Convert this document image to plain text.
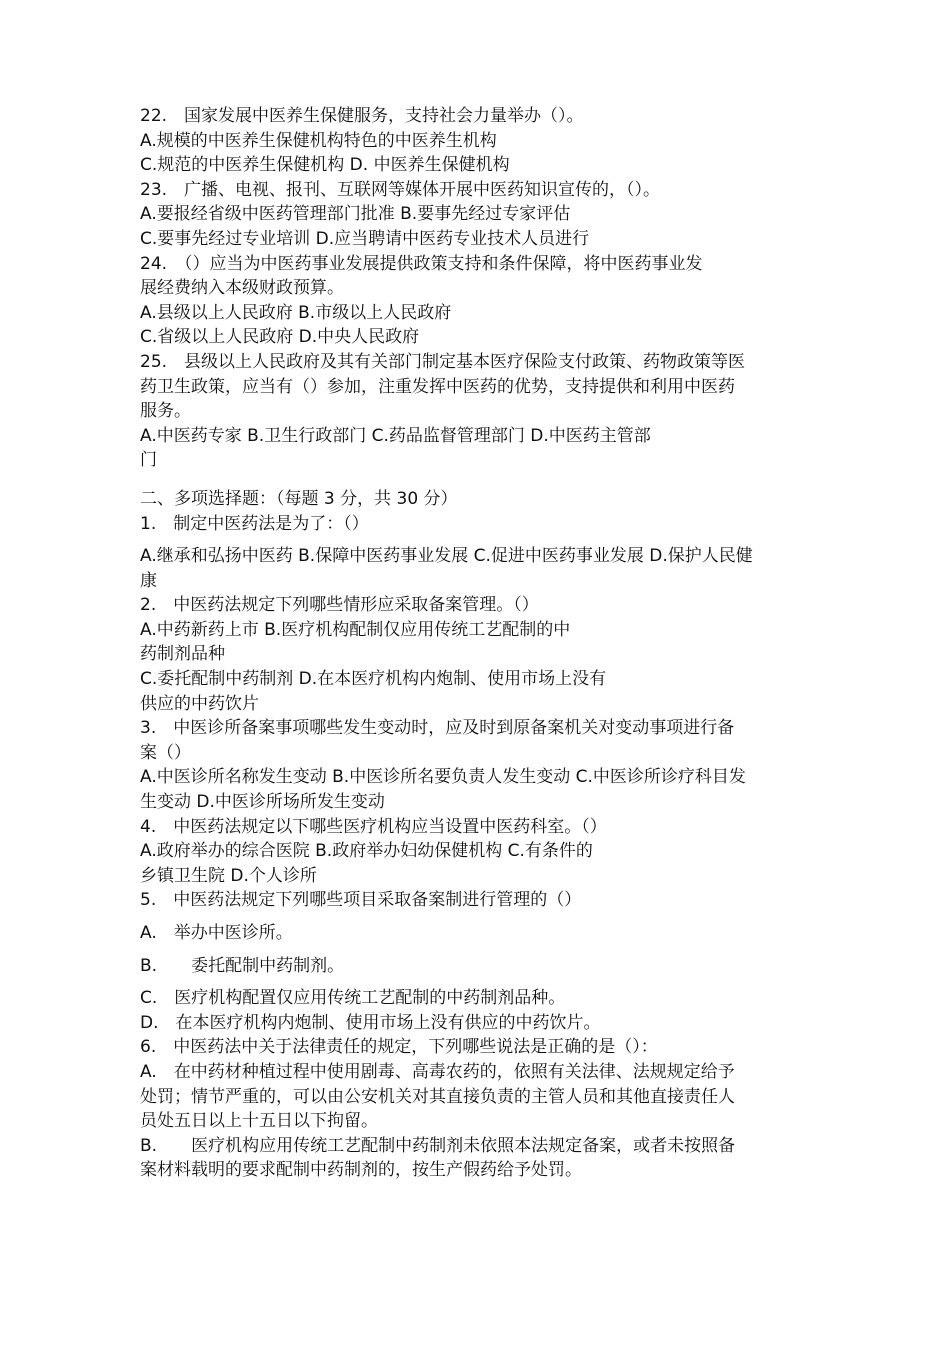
22.　国家发展中医养生保健服务，支持社会力量举办（）。
A.规模的中医养生保健机构特色的中医养生机构
C.规范的中医养生保健机构 D. 中医养生保健机构
23.　广播、电视、报刊、互联网等媒体开展中医药知识宣传的，（）。
A.要报经省级中医药管理部门批准 B.要事先经过专家评估
C.要事先经过专业培训 D.应当聘请中医药专业技术人员进行
24.　（）应当为中医药事业发展提供政策支持和条件保障，将中医药事业发
展经费纳入本级财政预算。
A.县级以上人民政府 B.市级以上人民政府
C.省级以上人民政府 D.中央人民政府
25.　县级以上人民政府及其有关部门制定基本医疗保险支付政策、药物政策等医
药卫生政策，应当有（）参加，注重发挥中医药的优势，支持提供和利用中医药
服务。
A.中医药专家 B.卫生行政部门 C.药品监督管理部门 D.中医药主管部
门
二、多项选择题：（每题 3 分，共 30 分）
1.　制定中医药法是为了：（）
A.继承和弘扬中医药 B.保障中医药事业发展 C.促进中医药事业发展 D.保护人民健
康
2.　中医药法规定下列哪些情形应采取备案管理。（）
A.中药新药上市 B.医疗机构配制仅应用传统工艺配制的中
药制剂品种
C.委托配制中药制剂 D.在本医疗机构内炮制、使用市场上没有
供应的中药饮片
3.　中医诊所备案事项哪些发生变动时，应及时到原备案机关对变动事项进行备
案（）
A.中医诊所名称发生变动 B.中医诊所名要负责人发生变动 C.中医诊所诊疗科目发
生变动 D.中医诊所场所发生变动
4.　中医药法规定以下哪些医疗机构应当设置中医药科室。（）
A.政府举办的综合医院 B.政府举办妇幼保健机构 C.有条件的
乡镇卫生院 D.个人诊所
5.　中医药法规定下列哪些项目采取备案制进行管理的（）
A.　举办中医诊所。
B.　　委托配制中药制剂。
C.　医疗机构配置仅应用传统工艺配制的中药制剂品种。
D.　在本医疗机构内炮制、使用市场上没有供应的中药饮片。
6.　中医药法中关于法律责任的规定，下列哪些说法是正确的是（）：
A.　在中药材种植过程中使用剧毒、高毒农药的，依照有关法律、法规规定给予
处罚；情节严重的，可以由公安机关对其直接负责的主管人员和其他直接责任人
员处五日以上十五日以下拘留。
B.　　医疗机构应用传统工艺配制中药制剂未依照本法规定备案，或者未按照备
案材料载明的要求配制中药制剂的，按生产假药给予处罚。
